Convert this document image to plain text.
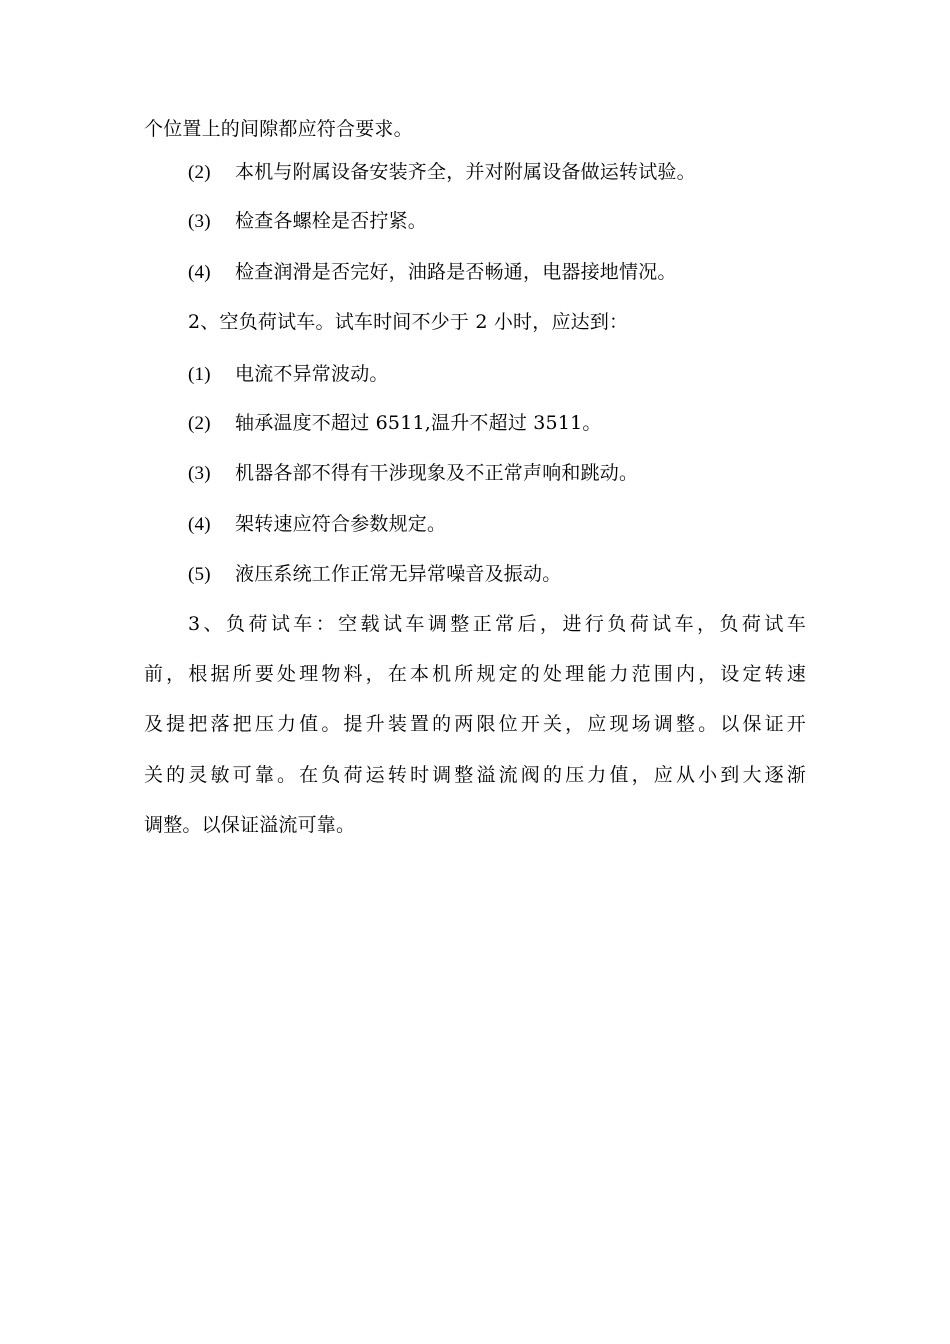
个位置上的间隙都应符合要求。
(2) 本机与附属设备安装齐全，并对附属设备做运转试验。
(3) 检查各螺栓是否拧紧。
(4) 检查润滑是否完好，油路是否畅通，电器接地情况。
2、空负荷试车。试车时间不少于 2 小时，应达到：
(1) 电流不异常波动。
(2) 轴承温度不超过 6511,温升不超过 3511。
(3) 机器各部不得有干涉现象及不正常声响和跳动。
(4) 架转速应符合参数规定。
(5) 液压系统工作正常无异常噪音及振动。
3、负荷试车：空载试车调整正常后，进行负荷试车，负荷试车
前，根据所要处理物料，在本机所规定的处理能力范围内，设定转速
及提把落把压力值。提升装置的两限位开关，应现场调整。以保证开
关的灵敏可靠。在负荷运转时调整溢流阀的压力值，应从小到大逐渐
调整。以保证溢流可靠。
